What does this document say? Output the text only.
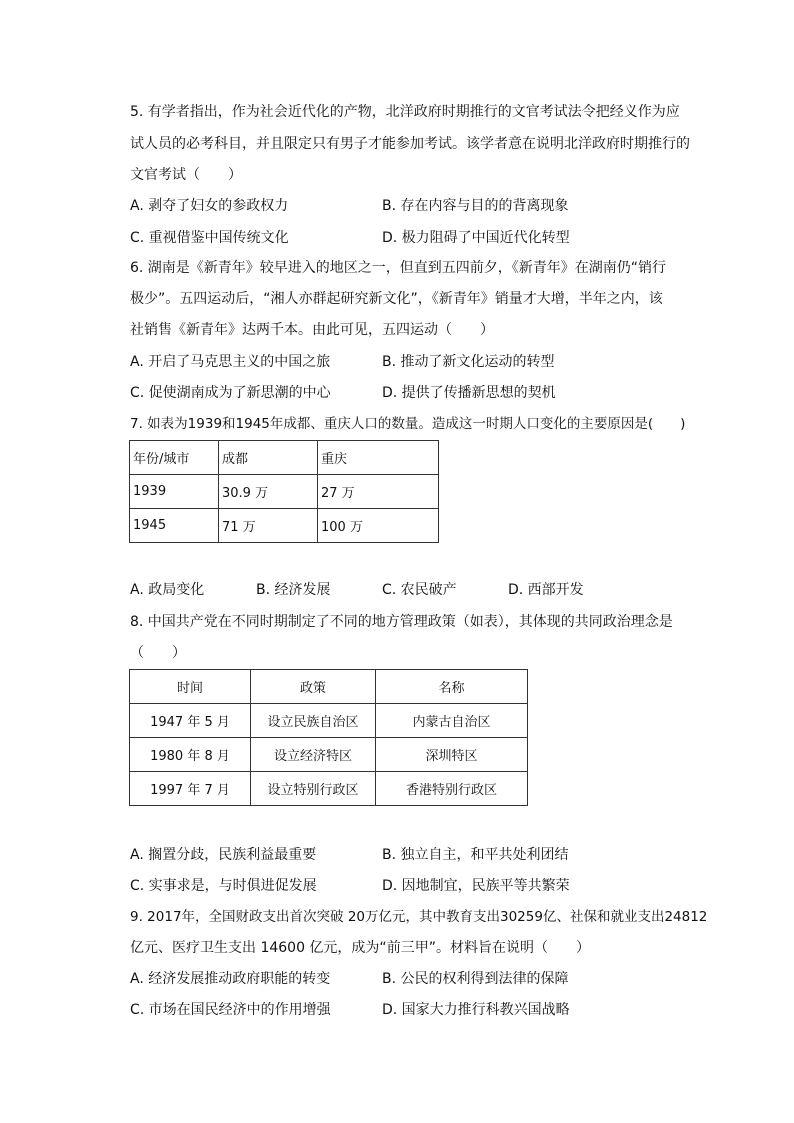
5. 有学者指出，作为社会近代化的产物，北洋政府时期推行的文官考试法令把经义作为应
试人员的必考科目，并且限定只有男子才能参加考试。该学者意在说明北洋政府时期推行的
文官考试（　　）
A. 剥夺了妇女的参政权力	B. 存在内容与目的的背离现象
C. 重视借鉴中国传统文化	D. 极力阻碍了中国近代化转型
6. 湖南是《新青年》较早进入的地区之一，但直到五四前夕，《新青年》在湖南仍“销行
极少”。五四运动后，“湘人亦群起研究新文化”，《新青年》销量才大增，半年之内，该
社销售《新青年》达两千本。由此可见，五四运动（　　）
A. 开启了马克思主义的中国之旅	B. 推动了新文化运动的转型
C. 促使湖南成为了新思潮的中心	D. 提供了传播新思想的契机
7. 如表为1939和1945年成都、重庆人口的数量。造成这一时期人口变化的主要原因是(　　)
年份/城市	成都	重庆
1939	30.9 万	27 万
1945	71 万	100 万
A. 政局变化	B. 经济发展	C. 农民破产	D. 西部开发
8. 中国共产党在不同时期制定了不同的地方管理政策（如表），其体现的共同政治理念是
（　　）
时间	政策	名称
1947 年 5 月	设立民族自治区	内蒙古自治区
1980 年 8 月	设立经济特区	深圳特区
1997 年 7 月	设立特别行政区	香港特别行政区
A. 搁置分歧，民族利益最重要	B. 独立自主，和平共处利团结
C. 实事求是，与时俱进促发展	D. 因地制宜，民族平等共繁荣
9. 2017年，全国财政支出首次突破 20万亿元，其中教育支出30259亿、社保和就业支出24812
亿元、医疗卫生支出 14600 亿元，成为“前三甲”。材料旨在说明（　　）
A. 经济发展推动政府职能的转变	B. 公民的权利得到法律的保障
C. 市场在国民经济中的作用增强	D. 国家大力推行科教兴国战略
